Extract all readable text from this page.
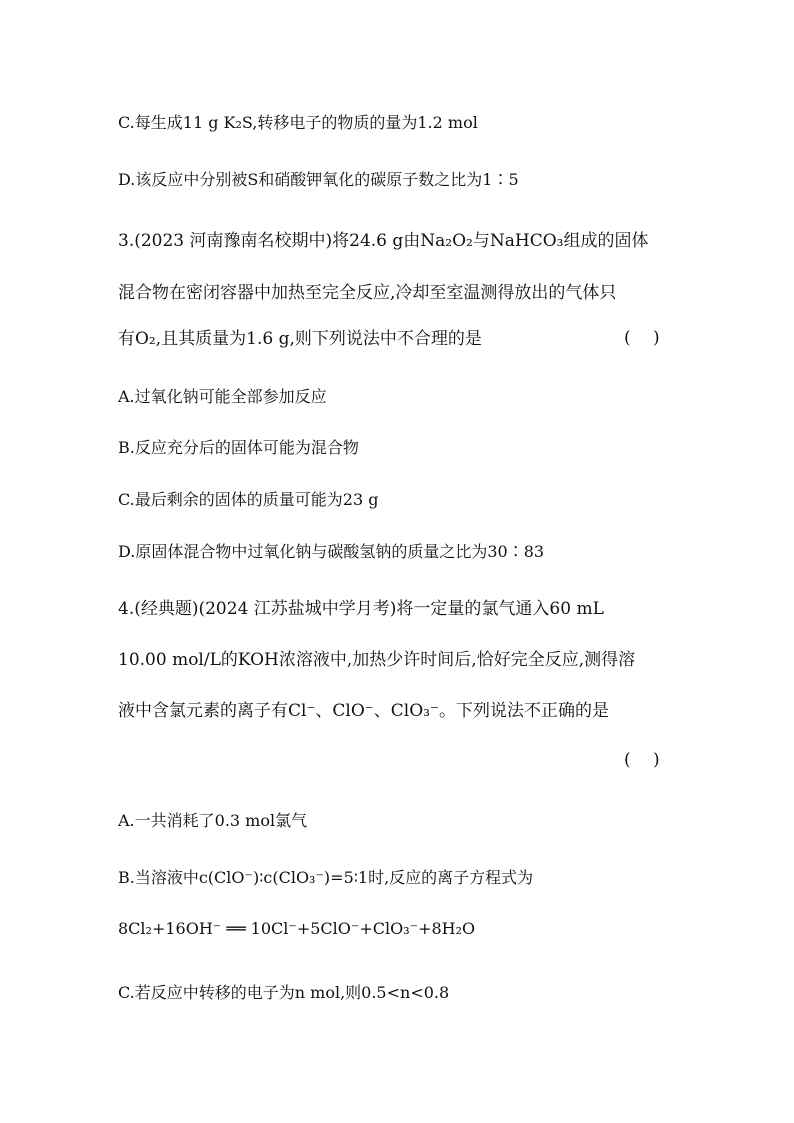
C.每生成11 g K₂S,转移电子的物质的量为1.2 mol
D.该反应中分别被S和硝酸钾氧化的碳原子数之比为1∶5
3.(2023 河南豫南名校期中)将24.6 g由Na₂O₂与NaHCO₃组成的固体
混合物在密闭容器中加热至完全反应,冷却至室温测得放出的气体只
有O₂,且其质量为1.6 g,则下列说法中不合理的是	(　 )
A.过氧化钠可能全部参加反应
B.反应充分后的固体可能为混合物
C.最后剩余的固体的质量可能为23 g
D.原固体混合物中过氧化钠与碳酸氢钠的质量之比为30∶83
4.(经典题)(2024 江苏盐城中学月考)将一定量的氯气通入60 mL
10.00 mol/L的KOH浓溶液中,加热少许时间后,恰好完全反应,测得溶
液中含氯元素的离子有Cl⁻、ClO⁻、ClO₃⁻。下列说法不正确的是
(　 )
A.一共消耗了0.3 mol氯气
B.当溶液中c(ClO⁻)∶c(ClO₃⁻)=5∶1时,反应的离子方程式为
8Cl₂+16OH⁻ ══ 10Cl⁻+5ClO⁻+ClO₃⁻+8H₂O
C.若反应中转移的电子为n mol,则0.5<n<0.8
